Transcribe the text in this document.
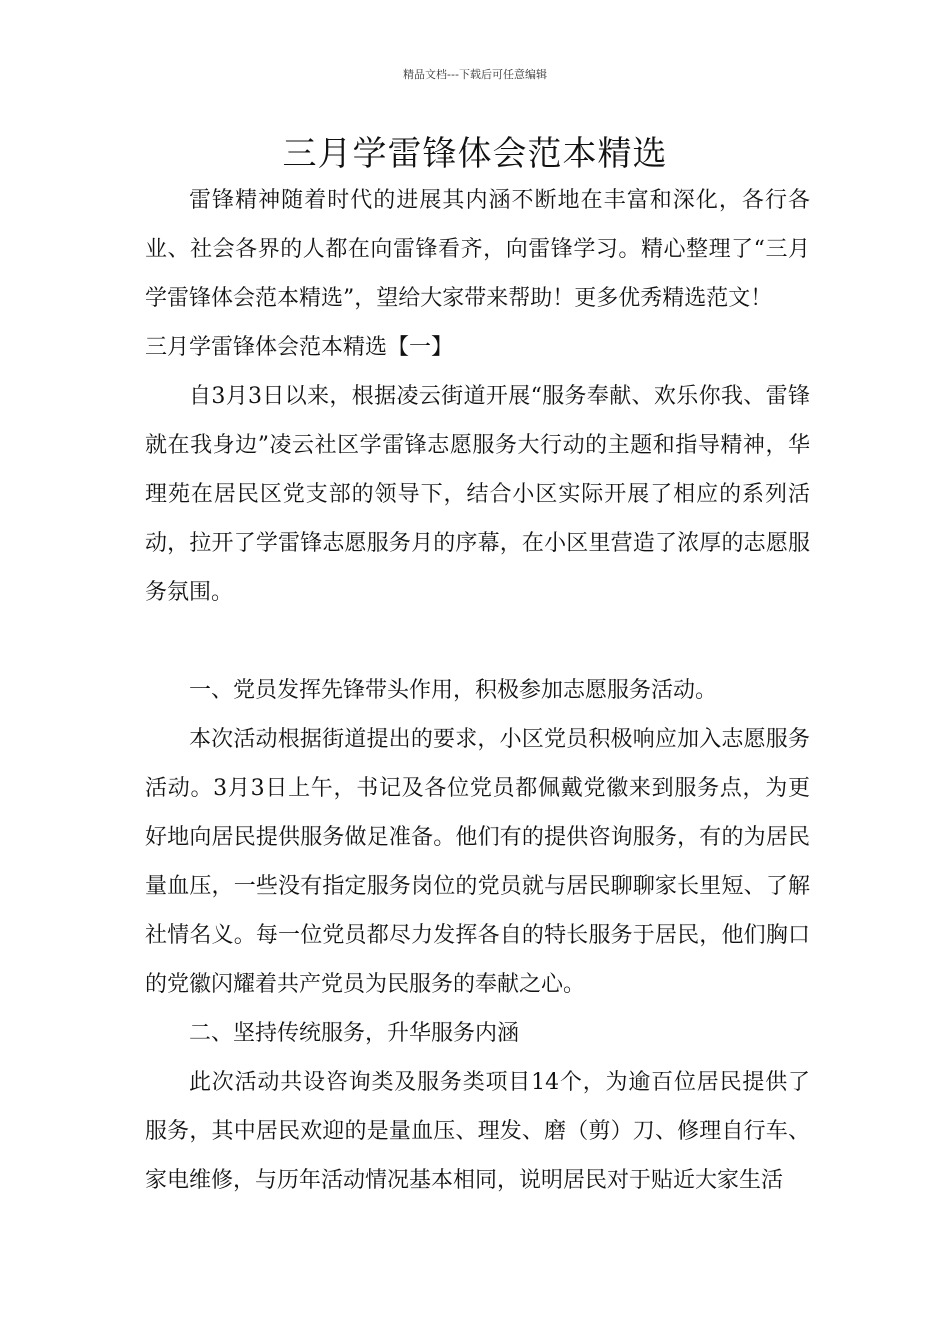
精品文档---下载后可任意编辑
三月学雷锋体会范本精选

雷锋精神随着时代的进展其内涵不断地在丰富和深化，各行各业、社会各界的人都在向雷锋看齐，向雷锋学习。精心整理了“三月学雷锋体会范本精选”，望给大家带来帮助！更多优秀精选范文！

三月学雷锋体会范本精选【一】

自3月3日以来，根据凌云街道开展“服务奉献、欢乐你我、雷锋就在我身边”凌云社区学雷锋志愿服务大行动的主题和指导精神，华理苑在居民区党支部的领导下，结合小区实际开展了相应的系列活动，拉开了学雷锋志愿服务月的序幕，在小区里营造了浓厚的志愿服务氛围。

一、党员发挥先锋带头作用，积极参加志愿服务活动。

本次活动根据街道提出的要求，小区党员积极响应加入志愿服务活动。3月3日上午，书记及各位党员都佩戴党徽来到服务点，为更好地向居民提供服务做足准备。他们有的提供咨询服务，有的为居民量血压，一些没有指定服务岗位的党员就与居民聊聊家长里短、了解社情名义。每一位党员都尽力发挥各自的特长服务于居民，他们胸口的党徽闪耀着共产党员为民服务的奉献之心。

二、坚持传统服务，升华服务内涵

此次活动共设咨询类及服务类项目14个，为逾百位居民提供了服务，其中居民欢迎的是量血压、理发、磨（剪）刀、修理自行车、家电维修，与历年活动情况基本相同，说明居民对于贴近大家生活
